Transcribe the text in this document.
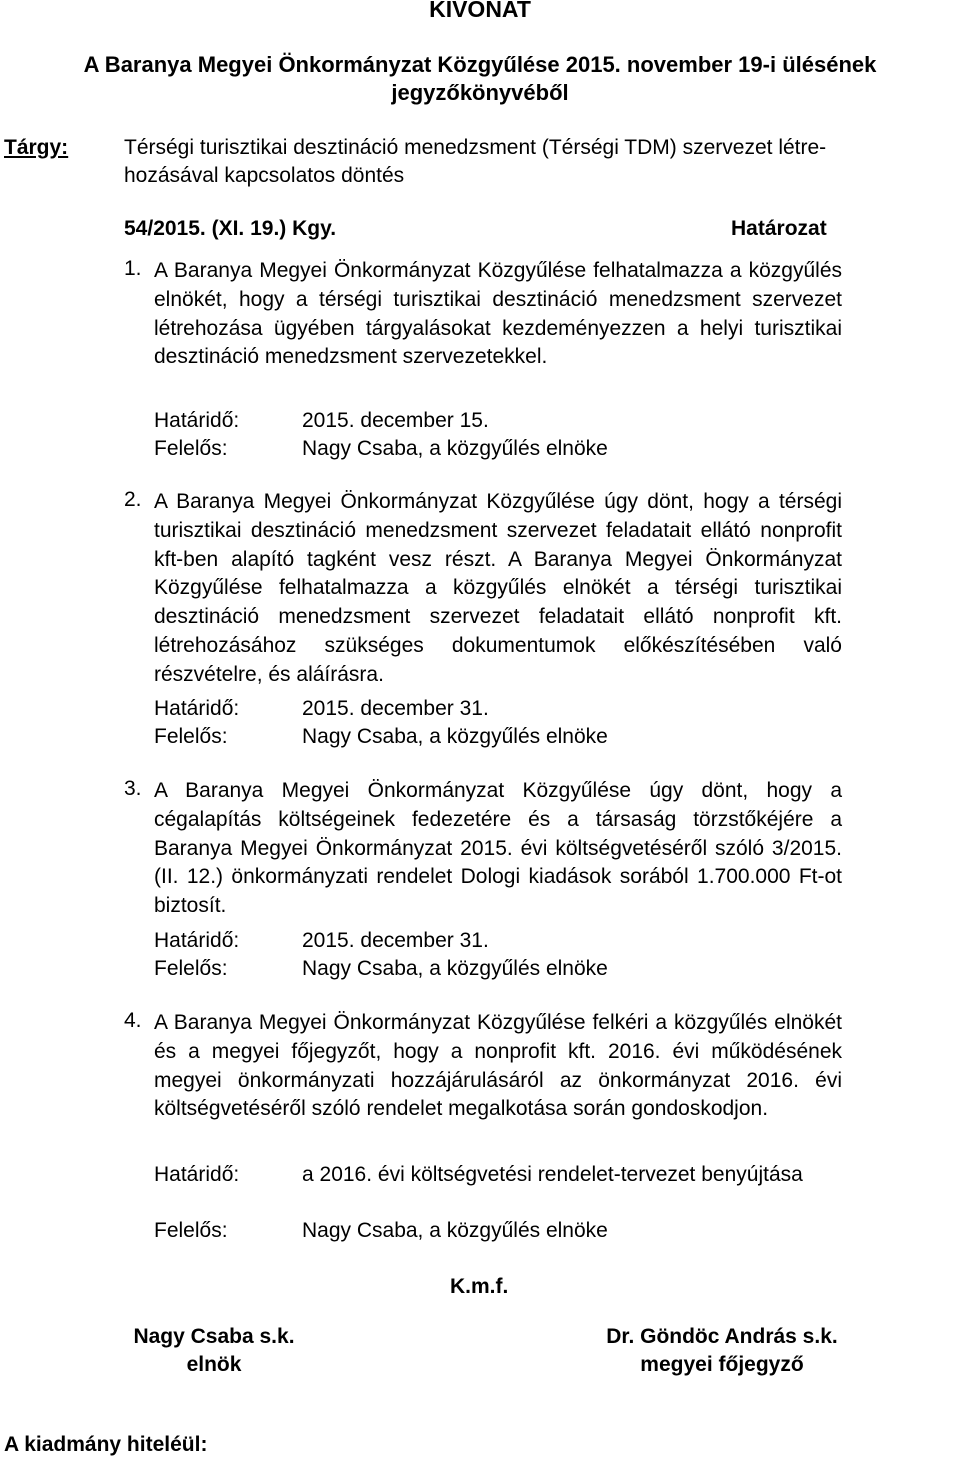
KIVONAT
A Baranya Megyei Önkormányzat Közgyűlése 2015. november 19-i ülésének
jegyzőkönyvéből
Tárgy:	Térségi turisztikai desztináció menedzsment (Térségi TDM) szervezet létre-
hozásával kapcsolatos döntés
54/2015. (XI. 19.) Kgy.	Határozat
1. A Baranya Megyei Önkormányzat Közgyűlése felhatalmazza a közgyűlés elnökét, hogy a térségi turisztikai desztináció menedzsment szervezet létrehozása ügyében tárgyalásokat kezdeményezzen a helyi turisztikai desztináció menedzsment szervezetekkel.
Határidő:	2015. december 15.
Felelős:	Nagy Csaba, a közgyűlés elnöke
2. A Baranya Megyei Önkormányzat Közgyűlése úgy dönt, hogy a térségi turisztikai desztináció menedzsment szervezet feladatait ellátó nonprofit kft-ben alapító tagként vesz részt. A Baranya Megyei Önkormányzat Közgyűlése felhatalmazza a közgyűlés elnökét a térségi turisztikai desztináció menedzsment szervezet feladatait ellátó nonprofit kft. létrehozásához szükséges dokumentumok előkészítésében való részvételre, és aláírásra.
Határidő:	2015. december 31.
Felelős:	Nagy Csaba, a közgyűlés elnöke
3. A Baranya Megyei Önkormányzat Közgyűlése úgy dönt, hogy a cégalapítás költségeinek fedezetére és a társaság törzstőkéjére a Baranya Megyei Önkormányzat 2015. évi költségvetéséről szóló 3/2015. (II. 12.) önkormányzati rendelet Dologi kiadások sorából 1.700.000 Ft-ot biztosít.
Határidő:	2015. december 31.
Felelős:	Nagy Csaba, a közgyűlés elnöke
4. A Baranya Megyei Önkormányzat Közgyűlése felkéri a közgyűlés elnökét és a megyei főjegyzőt, hogy a nonprofit kft. 2016. évi működésének megyei önkormányzati hozzájárulásáról az önkormányzat 2016. évi költségvetéséről szóló rendelet megalkotása során gondoskodjon.
Határidő:	a 2016. évi költségvetési rendelet-tervezet benyújtása
Felelős:	Nagy Csaba, a közgyűlés elnöke
K.m.f.
Nagy Csaba s.k.
elnök
Dr. Göndöc András s.k.
megyei főjegyző
A kiadmány hiteléül:
